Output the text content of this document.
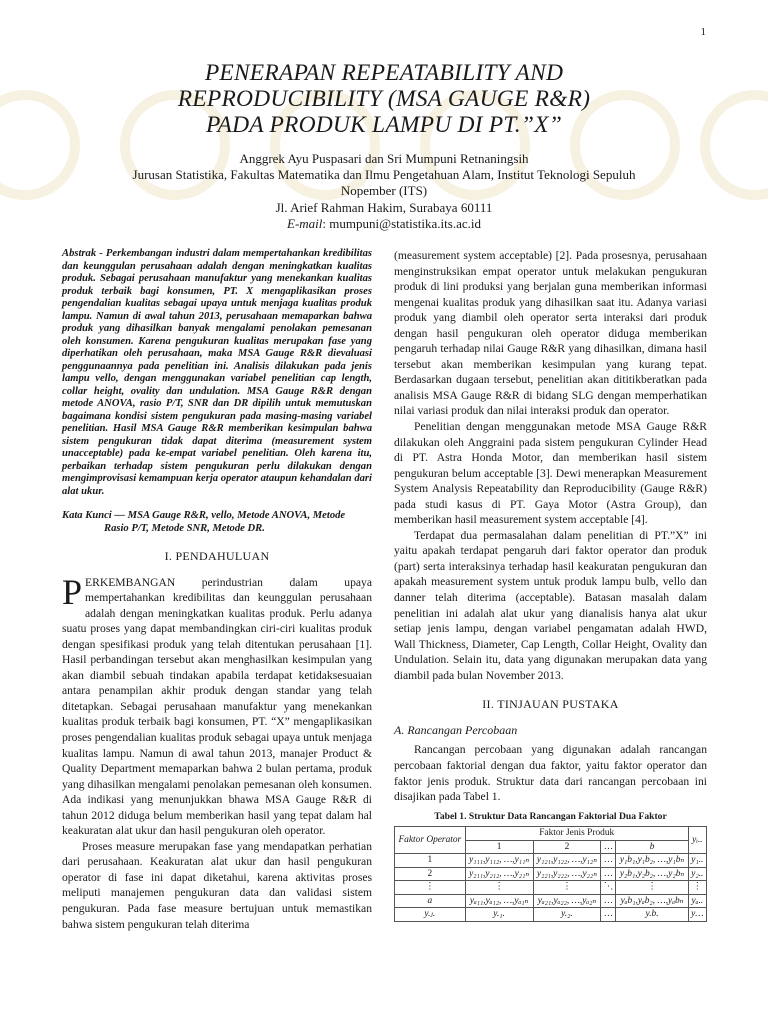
1
PENERAPAN REPEATABILITY AND
REPRODUCIBILITY (MSA GAUGE R&R)
PADA PRODUK LAMPU DI PT.”X”
Anggrek Ayu Puspasari dan Sri Mumpuni Retnaningsih
Jurusan Statistika, Fakultas Matematika dan Ilmu Pengetahuan Alam, Institut Teknologi Sepuluh
Nopember (ITS)
Jl. Arief Rahman Hakim, Surabaya 60111
E-mail: mumpuni@statistika.its.ac.id

Abstrak - Perkembangan industri dalam mempertahankan kredibilitas dan keunggulan perusahaan adalah dengan meningkatkan kualitas produk. Sebagai perusahaan manufaktur yang menekankan kualitas produk terbaik bagi konsumen, PT. X mengaplikasikan proses pengendalian kualitas sebagai upaya untuk menjaga kualitas produk lampu. Namun di awal tahun 2013, perusahaan memaparkan bahwa produk yang dihasilkan banyak mengalami penolakan pemesanan oleh konsumen. Karena pengukuran kualitas merupakan fase yang diperhatikan oleh perusahaan, maka MSA Gauge R&R dievaluasi penggunaannya pada penelitian ini. Analisis dilakukan pada jenis lampu vello, dengan menggunakan variabel penelitian cap length, collar height, ovality dan undulation. MSA Gauge R&R dengan metode ANOVA, rasio P/T, SNR dan DR dipilih untuk memutuskan bagaimana kondisi sistem pengukuran pada masing-masing variabel penelitian. Hasil MSA Gauge R&R memberikan kesimpulan bahwa sistem pengukuran tidak dapat diterima (measurement system unacceptable) pada ke-empat variabel penelitian. Oleh karena itu, perbaikan terhadap sistem pengukuran perlu dilakukan dengan mengimprovisasi kemampuan kerja operator ataupun kehandalan dari alat ukur.

Kata Kunci — MSA Gauge R&R, vello, Metode ANOVA, Metode
Rasio P/T, Metode SNR, Metode DR.

I. PENDAHULUAN

PERKEMBANGAN perindustrian dalam upaya mempertahankan kredibilitas dan keunggulan perusahaan adalah dengan meningkatkan kualitas produk. Perlu adanya suatu proses yang dapat membandingkan ciri-ciri kualitas produk dengan spesifikasi produk yang telah ditentukan perusahaan [1]. Hasil perbandingan tersebut akan menghasilkan kesimpulan yang akan diambil sebuah tindakan apabila terdapat ketidaksesuaian antara penampilan akhir produk dengan standar yang telah ditetapkan. Sebagai perusahaan manufaktur yang menekankan kualitas produk terbaik bagi konsumen, PT. “X” mengaplikasikan proses pengendalian kualitas produk sebagai upaya untuk menjaga kualitas lampu. Namun di awal tahun 2013, manajer Product & Quality Department memaparkan bahwa 2 bulan pertama, produk yang dihasilkan mengalami penolakan pemesanan oleh konsumen. Ada indikasi yang menunjukkan bhawa MSA Gauge R&R di tahun 2012 diduga belum memberikan hasil yang tepat dalam hal keakuratan alat ukur dan hasil pengukuran oleh operator.

Proses measure merupakan fase yang mendapatkan perhatian dari perusahaan. Keakuratan alat ukur dan hasil pengukuran operator di fase ini dapat diketahui, karena aktivitas proses meliputi manajemen pengukuran data dan validasi sistem pengukuran. Pada fase measure bertujuan untuk memastikan bahwa sistem pengukuran telah diterima

(measurement system acceptable) [2]. Pada prosesnya, perusahaan menginstruksikan empat operator untuk melakukan pengukuran produk di lini produksi yang berjalan guna memberikan informasi mengenai kualitas produk yang dihasilkan saat itu. Adanya variasi produk yang diambil oleh operator serta interaksi dari produk dengan hasil pengukuran oleh operator diduga memberikan pengaruh terhadap nilai Gauge R&R yang dihasilkan, dimana hasil tersebut akan memberikan kesimpulan yang kurang tepat. Berdasarkan dugaan tersebut, penelitian akan dititikberatkan pada analisis MSA Gauge R&R di bidang SLG dengan memperhatikan nilai variasi produk dan nilai interaksi produk dan operator.

Penelitian dengan menggunakan metode MSA Gauge R&R dilakukan oleh Anggraini pada sistem pengukuran Cylinder Head di PT. Astra Honda Motor, dan memberikan hasil sistem pengukuran belum acceptable [3]. Dewi menerapkan Measurement System Analysis Repeatability dan Reproducibility (Gauge R&R) pada studi kasus di PT. Gaya Motor (Astra Group), dan memberikan hasil measurement system acceptable [4].

Terdapat dua permasalahan dalam penelitian di PT.”X” ini yaitu apakah terdapat pengaruh dari faktor operator dan produk (part) serta interaksinya terhadap hasil keakuratan pengukuran dan apakah measurement system untuk produk lampu bulb, vello dan danner telah diterima (acceptable). Batasan masalah dalam penelitian ini adalah alat ukur yang dianalisis hanya alat ukur setiap jenis lampu, dengan variabel pengamatan adalah HWD, Wall Thickness, Diameter, Cap Length, Collar Height, Ovality dan Undulation. Selain itu, data yang digunakan merupakan data yang diambil pada bulan November 2013.

II. TINJAUAN PUSTAKA
A. Rancangan Percobaan

Rancangan percobaan yang digunakan adalah rancangan percobaan faktorial dengan dua faktor, yaitu faktor operator dan faktor jenis produk. Struktur data dari rancangan percobaan ini disajikan pada Tabel 1.

Tabel 1. Struktur Data Rancangan Faktorial Dua Faktor
Faktor Operator	Faktor Jenis Produk				yᵢ..
	1	2	…	b	
1	y₁₁₁,y₁₁₂, …,y₁₁ₙ	y₁₂₁,y₁₂₂, …,y₁₂ₙ	…	y₁b₁,y₁b₂, …,y₁bₙ	y₁..
2	y₂₁₁,y₂₁₂, …,y₂₁ₙ	y₂₂₁,y₂₂₂, …,y₂₂ₙ	…	y₂b₁,y₂b₂, …,y₂bₙ	y₂..
⋮	⋮	⋮	⋱	⋮	⋮
a	yₐ₁₁,yₐ₁₂, …,yₐ₁ₙ	yₐ₂₁,yₐ₂₂, …,yₐ₂ₙ	…	yₐb₁,yₐb₂, …,yₐbₙ	yₐ..
y.ⱼ.	y.₁.	y.₂.	…	y.b.	y…
